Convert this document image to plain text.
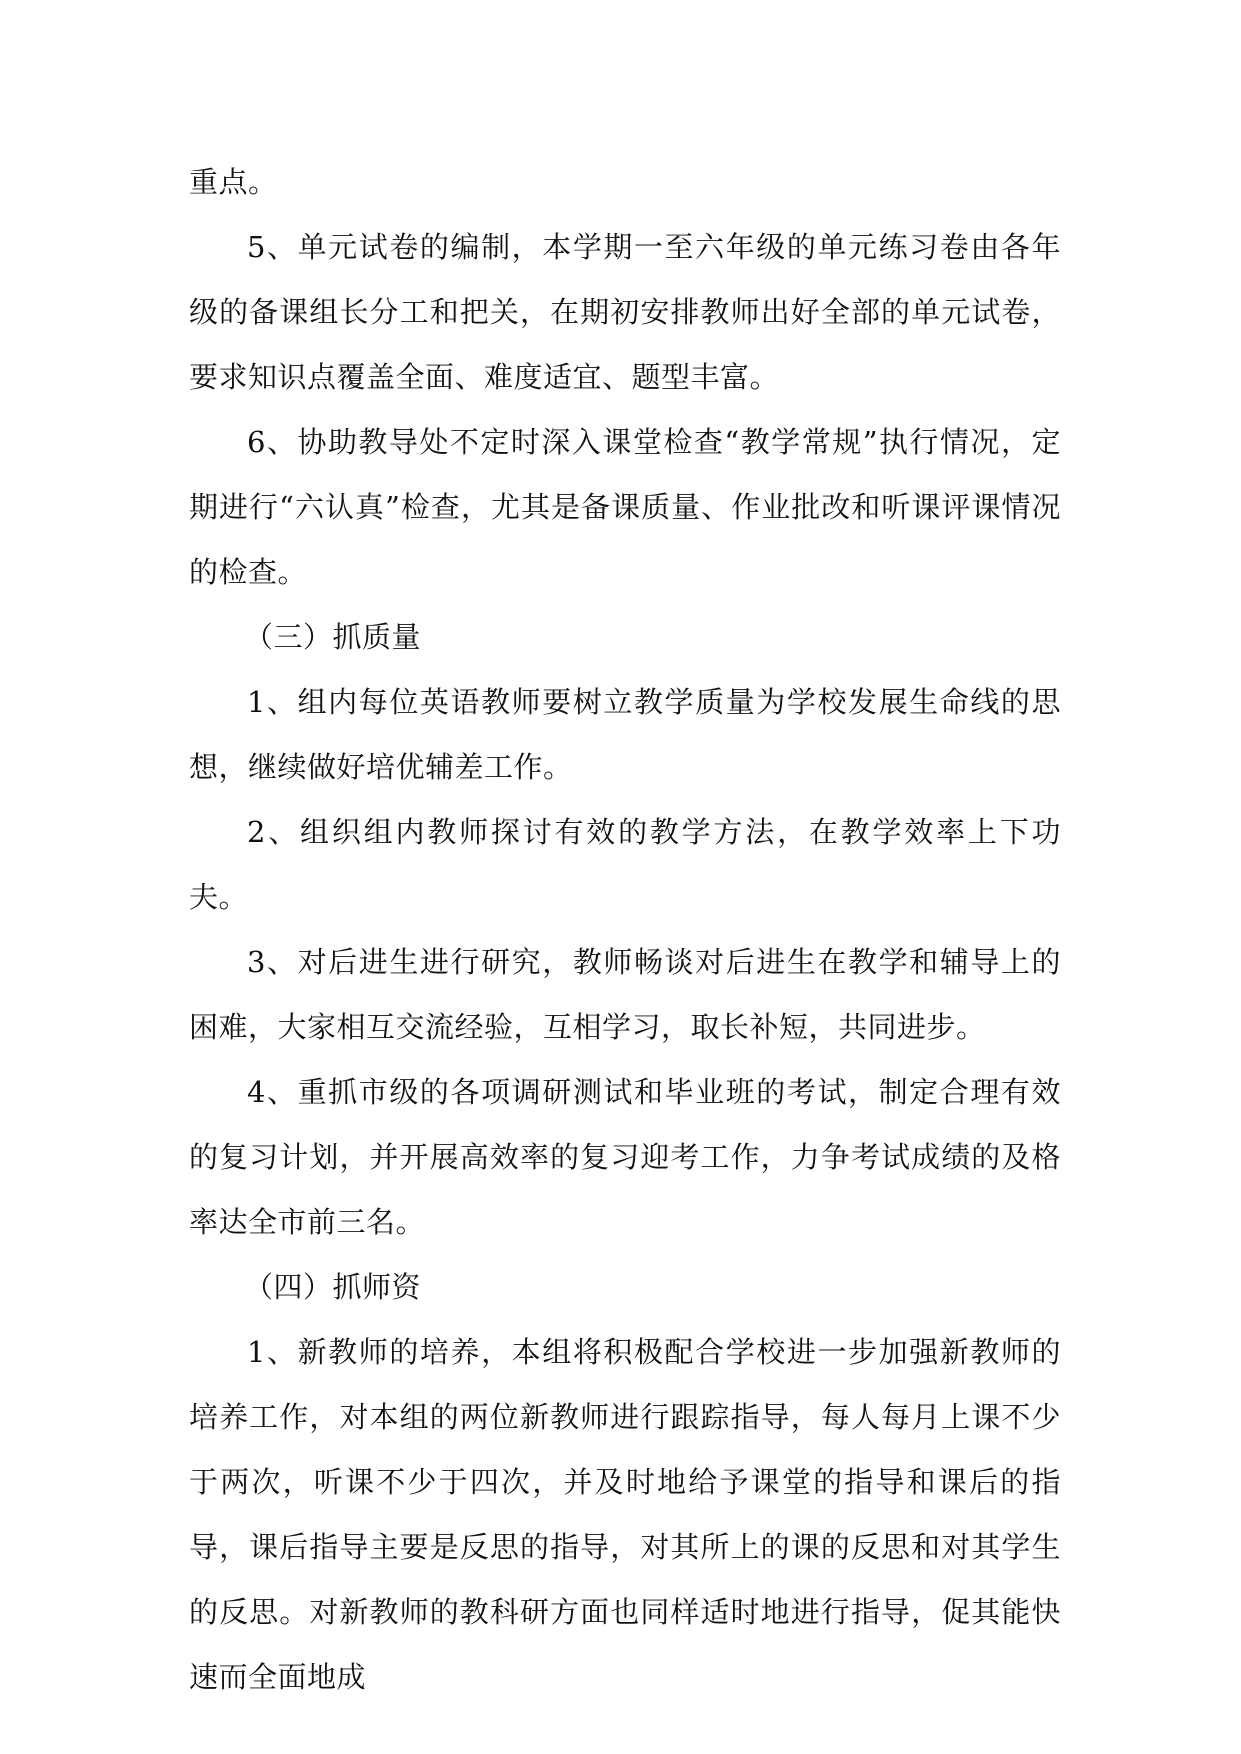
重点。

5、单元试卷的编制，本学期一至六年级的单元练习卷由各年级的备课组长分工和把关，在期初安排教师出好全部的单元试卷，要求知识点覆盖全面、难度适宜、题型丰富。

6、协助教导处不定时深入课堂检查“教学常规”执行情况，定期进行“六认真”检查，尤其是备课质量、作业批改和听课评课情况的检查。

（三）抓质量

1、组内每位英语教师要树立教学质量为学校发展生命线的思想，继续做好培优辅差工作。

2、组织组内教师探讨有效的教学方法，在教学效率上下功夫。

3、对后进生进行研究，教师畅谈对后进生在教学和辅导上的困难，大家相互交流经验，互相学习，取长补短，共同进步。

4、重抓市级的各项调研测试和毕业班的考试，制定合理有效的复习计划，并开展高效率的复习迎考工作，力争考试成绩的及格率达全市前三名。

（四）抓师资

1、新教师的培养，本组将积极配合学校进一步加强新教师的培养工作，对本组的两位新教师进行跟踪指导，每人每月上课不少于两次，听课不少于四次，并及时地给予课堂的指导和课后的指导，课后指导主要是反思的指导，对其所上的课的反思和对其学生的反思。对新教师的教科研方面也同样适时地进行指导，促其能快速而全面地成
